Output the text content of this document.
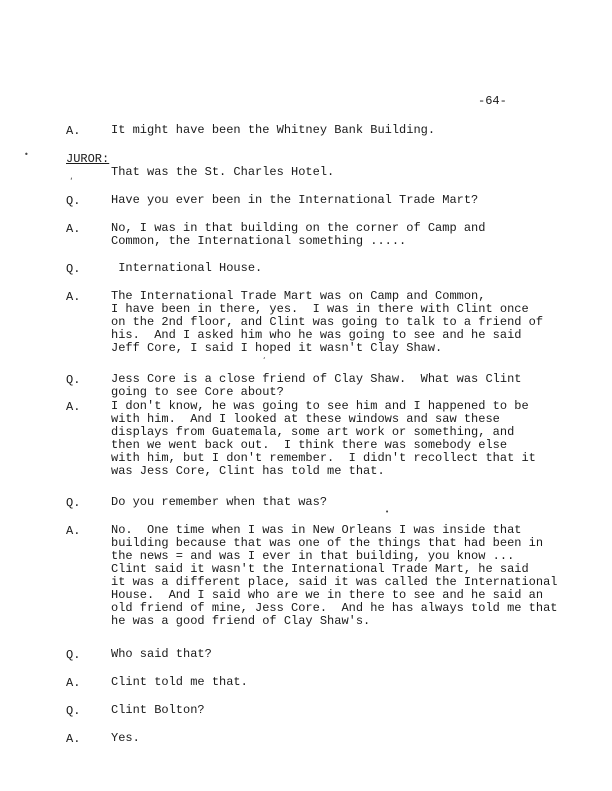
-64-
A.	It might have been the Whitney Bank Building.
JUROR:
That was the St. Charles Hotel.
Q.	Have you ever been in the International Trade Mart?
A.	No, I was in that building on the corner of Camp and
Common, the International something .....
Q.	International House.
A.	The International Trade Mart was on Camp and Common,
I have been in there, yes.  I was in there with Clint once
on the 2nd floor, and Clint was going to talk to a friend of
his.  And I asked him who he was going to see and he said
Jeff Core, I said I hoped it wasn't Clay Shaw.
Q.	Jess Core is a close friend of Clay Shaw.  What was Clint
going to see Core about?
A.	I don't know, he was going to see him and I happened to be
with him.  And I looked at these windows and saw these
displays from Guatemala, some art work or something, and
then we went back out.  I think there was somebody else
with him, but I don't remember.  I didn't recollect that it
was Jess Core, Clint has told me that.
Q.	Do you remember when that was?
A.	No.  One time when I was in New Orleans I was inside that
building because that was one of the things that had been in
the news = and was I ever in that building, you know ...
Clint said it wasn't the International Trade Mart, he said
it was a different place, said it was called the International
House.  And I said who are we in there to see and he said an
old friend of mine, Jess Core.  And he has always told me that
he was a good friend of Clay Shaw's.
Q.	Who said that?
A.	Clint told me that.
Q.	Clint Bolton?
A.	Yes.
•
‘
‘
•
